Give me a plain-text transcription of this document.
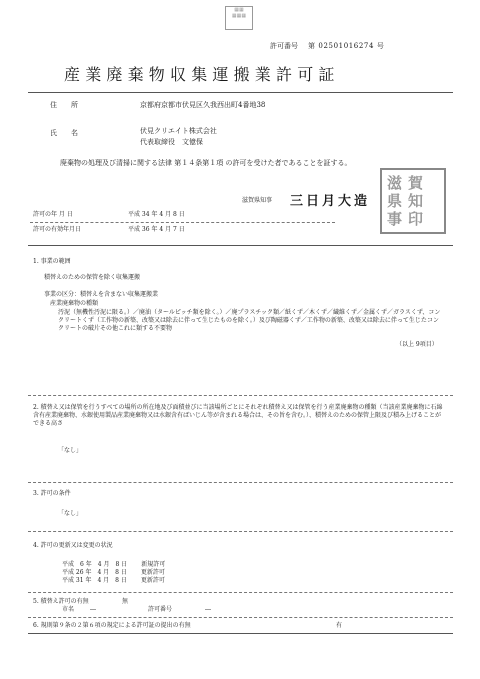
▦▦
▦▦▦
許可番号 第 02501016274 号
産業廃棄物収集運搬業許可証
住　　所	京都府京都市伏見区久我西出町4番地38
氏　　名	伏見クリエイト株式会社
代表取締役　文億保
廃棄物の処理及び清掃に関する法律 第１４条第１項 の許可を受けた者であることを証する。
滋賀県知事 三日月大造
滋 賀
県 知
事 印
許可の年 月 日	平成 34 年 4 月 8 日
許可の有効年月日	平成 36 年 4 月 7 日
1. 事業の範囲
積替えのための保管を除く収集運搬
事業の区分：積替えを含まない収集運搬業
産業廃棄物の種類
汚泥（無機性汚泥に限る。）／廃油（タールピッチ類を除く。）／廃プラスチック類／紙くず／木くず／繊維くず／金属くず／ガラスくず、コンクリートくず（工作物の新築、改築又は除去に伴って生じたものを除く。）及び陶磁器くず／工作物の新築、改築又は除去に伴って生じたコンクリートの破片その他これに類する不要物
（以上 9項目）
2. 積替え又は保管を行うすべての場所の所在地及び面積並びに当該場所ごとにそれぞれ積替え又は保管を行う産業廃棄物の種類（当該産業廃棄物に石綿含有産業廃棄物、水銀使用製品産業廃棄物又は水銀含有ばいじん等が含まれる場合は、その旨を含む。）、積替えのための保管上限及び積み上げることができる高さ
「なし」
3. 許可の条件
「なし」
4. 許可の更新又は変更の状況
平成　6 年　4 月　8 日 新規許可
平成 26 年　4 月　8 日 更新許可
平成 31 年　4 月　8 日 更新許可
5. 積替え許可の有無	無
市名	―	許可番号	―
6. 規則第９条の２第６項の規定による許可証の提出の有無	有
